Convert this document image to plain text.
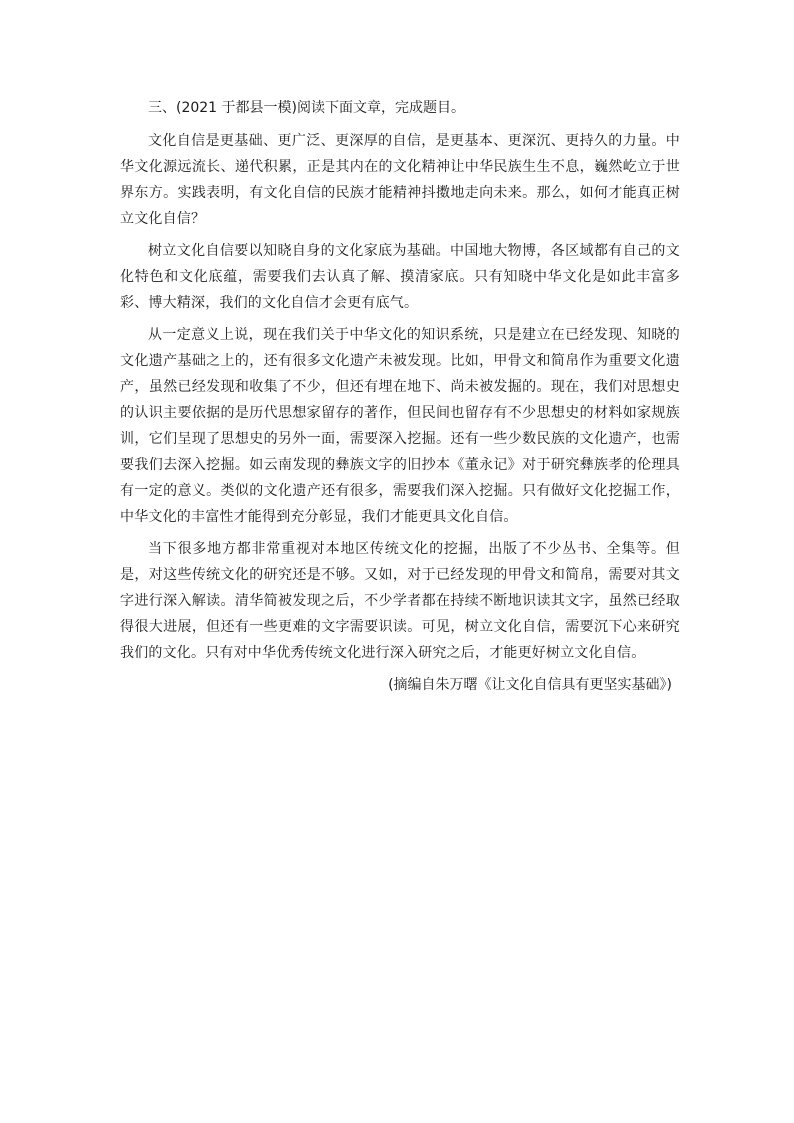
三、(2021 于都县一模)阅读下面文章，完成题目。

文化自信是更基础、更广泛、更深厚的自信，是更基本、更深沉、更持久的力量。中华文化源远流长、递代积累，正是其内在的文化精神让中华民族生生不息，巍然屹立于世界东方。实践表明，有文化自信的民族才能精神抖擞地走向未来。那么，如何才能真正树立文化自信？

树立文化自信要以知晓自身的文化家底为基础。中国地大物博，各区域都有自己的文化特色和文化底蕴，需要我们去认真了解、摸清家底。只有知晓中华文化是如此丰富多彩、博大精深，我们的文化自信才会更有底气。

从一定意义上说，现在我们关于中华文化的知识系统，只是建立在已经发现、知晓的文化遗产基础之上的，还有很多文化遗产未被发现。比如，甲骨文和简帛作为重要文化遗产，虽然已经发现和收集了不少，但还有埋在地下、尚未被发掘的。现在，我们对思想史的认识主要依据的是历代思想家留存的著作，但民间也留存有不少思想史的材料如家规族训，它们呈现了思想史的另外一面，需要深入挖掘。还有一些少数民族的文化遗产，也需要我们去深入挖掘。如云南发现的彝族文字的旧抄本《董永记》对于研究彝族孝的伦理具有一定的意义。类似的文化遗产还有很多，需要我们深入挖掘。只有做好文化挖掘工作，中华文化的丰富性才能得到充分彰显，我们才能更具文化自信。

当下很多地方都非常重视对本地区传统文化的挖掘，出版了不少丛书、全集等。但是，对这些传统文化的研究还是不够。又如，对于已经发现的甲骨文和简帛，需要对其文字进行深入解读。清华简被发现之后，不少学者都在持续不断地识读其文字，虽然已经取得很大进展，但还有一些更难的文字需要识读。可见，树立文化自信，需要沉下心来研究我们的文化。只有对中华优秀传统文化进行深入研究之后，才能更好树立文化自信。

(摘编自朱万曙《让文化自信具有更坚实基础》)
